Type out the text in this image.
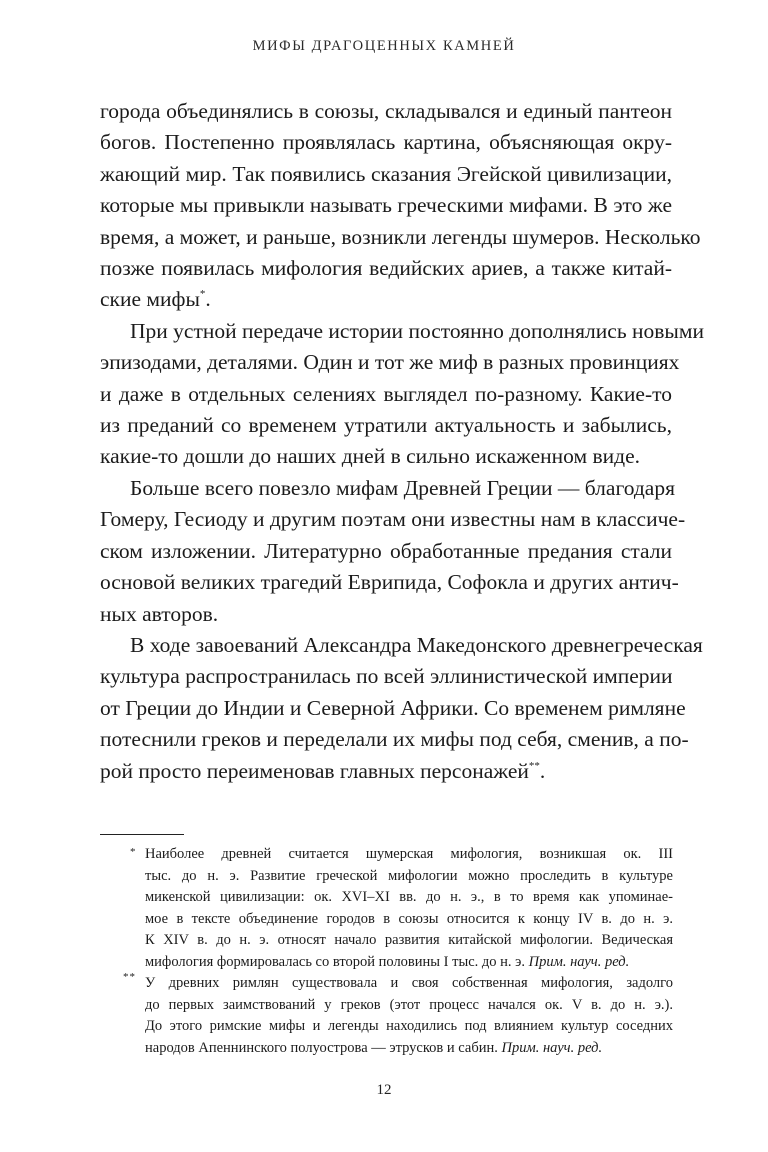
МИФЫ ДРАГОЦЕННЫХ КАМНЕЙ

города объединялись в союзы, складывался и единый пантеон
богов. Постепенно проявлялась картина, объясняющая окру-
жающий мир. Так появились сказания Эгейской цивилизации,
которые мы привыкли называть греческими мифами. В это же
время, а может, и раньше, возникли легенды шумеров. Несколько
позже появилась мифология ведийских ариев, а также китай-
ские мифы*.

При устной передаче истории постоянно дополнялись новыми
эпизодами, деталями. Один и тот же миф в разных провинциях
и даже в отдельных селениях выглядел по-разному. Какие-то
из преданий со временем утратили актуальность и забылись,
какие-то дошли до наших дней в сильно искаженном виде.

Больше всего повезло мифам Древней Греции — благодаря
Гомеру, Гесиоду и другим поэтам они известны нам в классиче-
ском изложении. Литературно обработанные предания стали
основой великих трагедий Еврипида, Софокла и других антич-
ных авторов.

В ходе завоеваний Александра Македонского древнегреческая
культура распространилась по всей эллинистической империи
от Греции до Индии и Северной Африки. Со временем римляне
потеснили греков и переделали их мифы под себя, сменив, а по-
рой просто переименовав главных персонажей**.

* Наиболее древней считается шумерская мифология, возникшая ок. III
тыс. до н. э. Развитие греческой мифологии можно проследить в культуре
микенской цивилизации: ок. XVI–XI вв. до н. э., в то время как упоминае-
мое в тексте объединение городов в союзы относится к концу IV в. до н. э.
К XIV в. до н. э. относят начало развития китайской мифологии. Ведическая
мифология формировалась со второй половины I тыс. до н. э. Прим. науч. ред.
** У древних римлян существовала и своя собственная мифология, задолго
до первых заимствований у греков (этот процесс начался ок. V в. до н. э.).
До этого римские мифы и легенды находились под влиянием культур соседних
народов Апеннинского полуострова — этрусков и сабин. Прим. науч. ред.
12
